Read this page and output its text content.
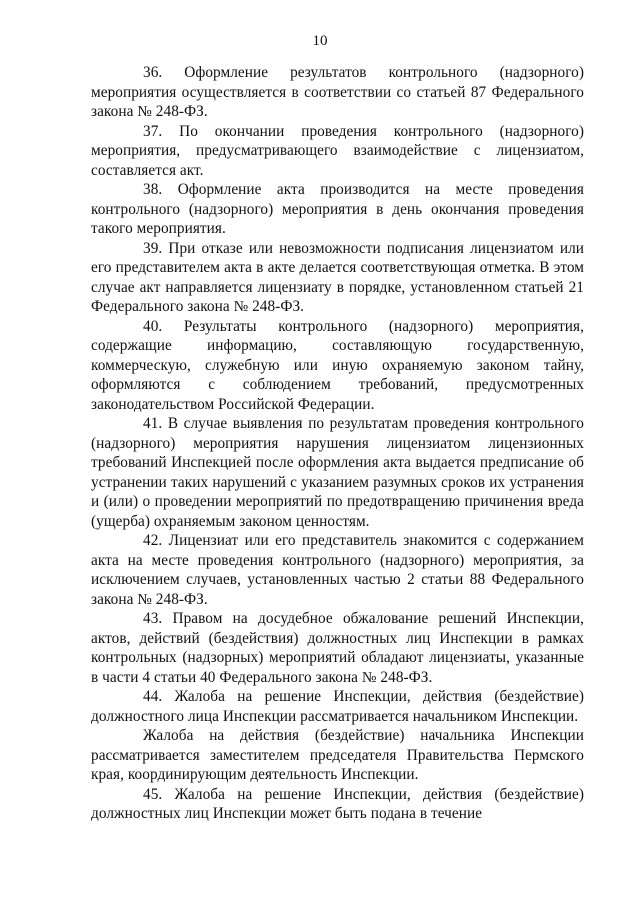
10

36. Оформление результатов контрольного (надзорного) мероприятия осуществляется в соответствии со статьей 87 Федерального закона № 248-ФЗ.

37. По окончании проведения контрольного (надзорного) мероприятия, предусматривающего взаимодействие с лицензиатом, составляется акт.

38. Оформление акта производится на месте проведения контрольного (надзорного) мероприятия в день окончания проведения такого мероприятия.

39. При отказе или невозможности подписания лицензиатом или его представителем акта в акте делается соответствующая отметка. В этом случае акт направляется лицензиату в порядке, установленном статьей 21 Федерального закона № 248-ФЗ.

40. Результаты контрольного (надзорного) мероприятия, содержащие информацию, составляющую государственную, коммерческую, служебную или иную охраняемую законом тайну, оформляются с соблюдением требований, предусмотренных законодательством Российской Федерации.

41. В случае выявления по результатам проведения контрольного (надзорного) мероприятия нарушения лицензиатом лицензионных требований Инспекцией после оформления акта выдается предписание об устранении таких нарушений с указанием разумных сроков их устранения и (или) о проведении мероприятий по предотвращению причинения вреда (ущерба) охраняемым законом ценностям.

42. Лицензиат или его представитель знакомится с содержанием акта на месте проведения контрольного (надзорного) мероприятия, за исключением случаев, установленных частью 2 статьи 88 Федерального закона № 248-ФЗ.

43. Правом на досудебное обжалование решений Инспекции, актов, действий (бездействия) должностных лиц Инспекции в рамках контрольных (надзорных) мероприятий обладают лицензиаты, указанные в части 4 статьи 40 Федерального закона № 248-ФЗ.

44. Жалоба на решение Инспекции, действия (бездействие) должностного лица Инспекции рассматривается начальником Инспекции.

Жалоба на действия (бездействие) начальника Инспекции рассматривается заместителем председателя Правительства Пермского края, координирующим деятельность Инспекции.

45. Жалоба на решение Инспекции, действия (бездействие) должностных лиц Инспекции может быть подана в течение
